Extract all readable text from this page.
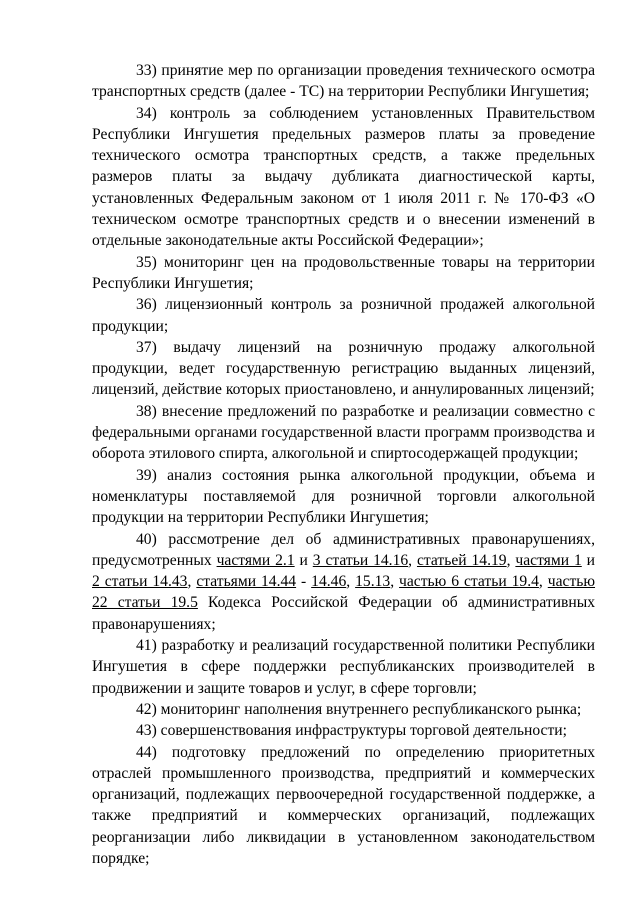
33) принятие мер по организации проведения технического осмотра транспортных средств (далее - ТС) на территории Республики Ингушетия;

34) контроль за соблюдением установленных Правительством Республики Ингушетия предельных размеров платы за проведение технического осмотра транспортных средств, а также предельных размеров платы за выдачу дубликата диагностической карты, установленных Федеральным законом от 1 июля 2011 г. № 170-ФЗ «О техническом осмотре транспортных средств и о внесении изменений в отдельные законодательные акты Российской Федерации»;

35) мониторинг цен на продовольственные товары на территории Республики Ингушетия;

36) лицензионный контроль за розничной продажей алкогольной продукции;

37) выдачу лицензий на розничную продажу алкогольной продукции, ведет государственную регистрацию выданных лицензий, лицензий, действие которых приостановлено, и аннулированных лицензий;

38) внесение предложений по разработке и реализации совместно с федеральными органами государственной власти программ производства и оборота этилового спирта, алкогольной и спиртосодержащей продукции;

39) анализ состояния рынка алкогольной продукции, объема и номенклатуры поставляемой для розничной торговли алкогольной продукции на территории Республики Ингушетия;

40) рассмотрение дел об административных правонарушениях, предусмотренных частями 2.1 и 3 статьи 14.16, статьей 14.19, частями 1 и 2 статьи 14.43, статьями 14.44 - 14.46, 15.13, частью 6 статьи 19.4, частью 22 статьи 19.5 Кодекса Российской Федерации об административных правонарушениях;

41) разработку и реализаций государственной политики Республики Ингушетия в сфере поддержки республиканских производителей в продвижении и защите товаров и услуг, в сфере торговли;

42) мониторинг наполнения внутреннего республиканского рынка;

43) совершенствования инфраструктуры торговой деятельности;

44) подготовку предложений по определению приоритетных отраслей промышленного производства, предприятий и коммерческих организаций, подлежащих первоочередной государственной поддержке, а также предприятий и коммерческих организаций, подлежащих реорганизации либо ликвидации в установленном законодательством порядке;
